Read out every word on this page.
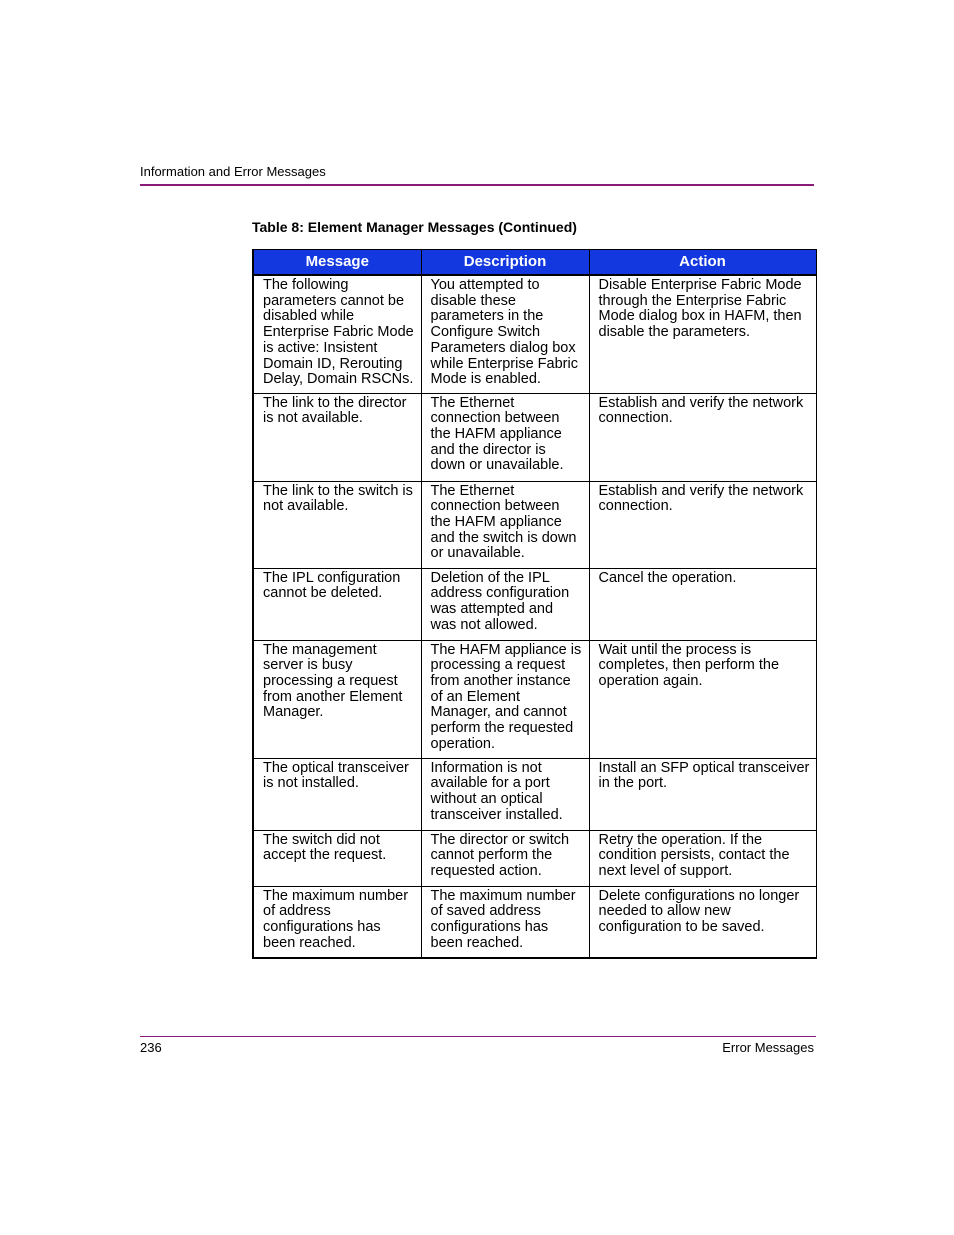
Information and Error Messages
Table 8: Element Manager Messages (Continued)
Message	Description	Action
The following parameters cannot be disabled while Enterprise Fabric Mode is active: Insistent Domain ID, Rerouting Delay, Domain RSCNs.	You attempted to disable these parameters in the Configure Switch Parameters dialog box while Enterprise Fabric Mode is enabled.	Disable Enterprise Fabric Mode through the Enterprise Fabric Mode dialog box in HAFM, then disable the parameters.
The link to the director is not available.	The Ethernet connection between the HAFM appliance and the director is down or unavailable.	Establish and verify the network connection.
The link to the switch is not available.	The Ethernet connection between the HAFM appliance and the switch is down or unavailable.	Establish and verify the network connection.
The IPL configuration cannot be deleted.	Deletion of the IPL address configuration was attempted and was not allowed.	Cancel the operation.
The management server is busy processing a request from another Element Manager.	The HAFM appliance is processing a request from another instance of an Element Manager, and cannot perform the requested operation.	Wait until the process is completes, then perform the operation again.
The optical transceiver is not installed.	Information is not available for a port without an optical transceiver installed.	Install an SFP optical transceiver in the port.
The switch did not accept the request.	The director or switch cannot perform the requested action.	Retry the operation. If the condition persists, contact the next level of support.
The maximum number of address configurations has been reached.	The maximum number of saved address configurations has been reached.	Delete configurations no longer needed to allow new configuration to be saved.
236	Error Messages
